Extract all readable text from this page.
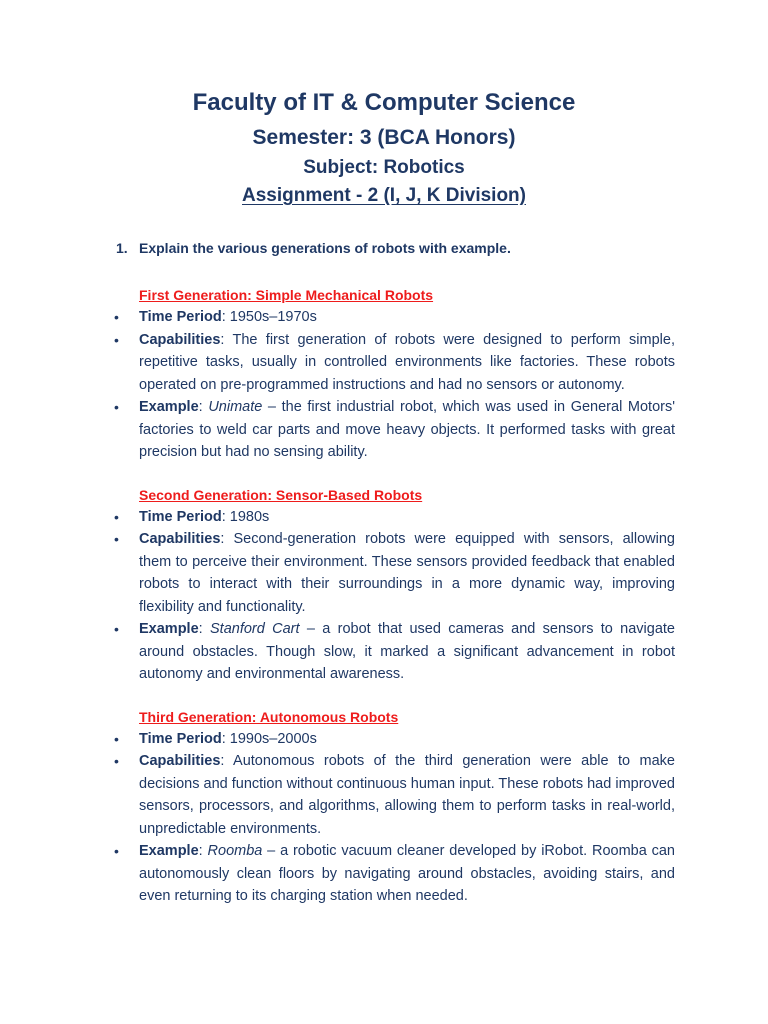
Faculty of IT & Computer Science
Semester: 3 (BCA Honors)
Subject: Robotics
Assignment - 2 (I, J, K Division)
1. Explain the various generations of robots with example.
First Generation: Simple Mechanical Robots
• Time Period: 1950s–1970s
• Capabilities: The first generation of robots were designed to perform simple, repetitive tasks, usually in controlled environments like factories. These robots operated on pre-programmed instructions and had no sensors or autonomy.
• Example: Unimate – the first industrial robot, which was used in General Motors' factories to weld car parts and move heavy objects. It performed tasks with great precision but had no sensing ability.
Second Generation: Sensor-Based Robots
• Time Period: 1980s
• Capabilities: Second-generation robots were equipped with sensors, allowing them to perceive their environment. These sensors provided feedback that enabled robots to interact with their surroundings in a more dynamic way, improving flexibility and functionality.
• Example: Stanford Cart – a robot that used cameras and sensors to navigate around obstacles. Though slow, it marked a significant advancement in robot autonomy and environmental awareness.
Third Generation: Autonomous Robots
• Time Period: 1990s–2000s
• Capabilities: Autonomous robots of the third generation were able to make decisions and function without continuous human input. These robots had improved sensors, processors, and algorithms, allowing them to perform tasks in real-world, unpredictable environments.
• Example: Roomba – a robotic vacuum cleaner developed by iRobot. Roomba can autonomously clean floors by navigating around obstacles, avoiding stairs, and even returning to its charging station when needed.
